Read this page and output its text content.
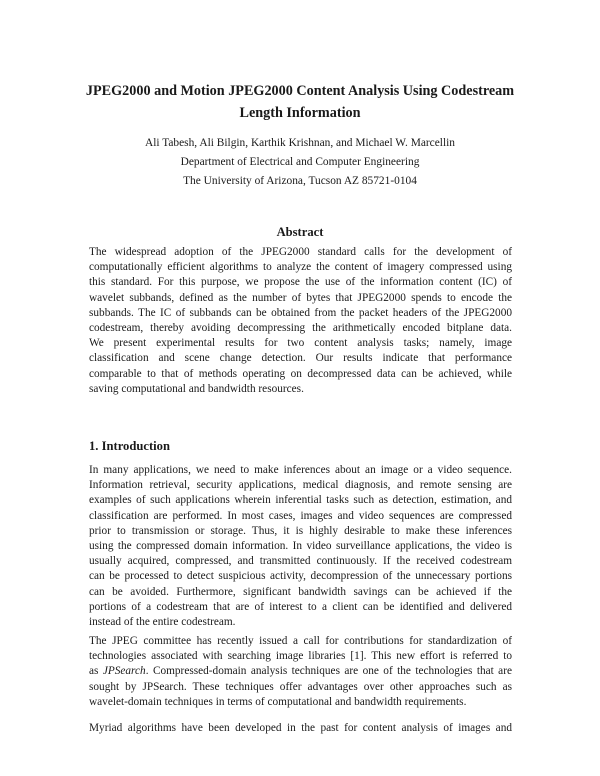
JPEG2000 and Motion JPEG2000 Content Analysis Using Codestream
Length Information
Ali Tabesh, Ali Bilgin, Karthik Krishnan, and Michael W. Marcellin
Department of Electrical and Computer Engineering
The University of Arizona, Tucson AZ 85721-0104
Abstract
The widespread adoption of the JPEG2000 standard calls for the development of
computationally efficient algorithms to analyze the content of imagery compressed using
this standard. For this purpose, we propose the use of the information content (IC) of
wavelet subbands, defined as the number of bytes that JPEG2000 spends to encode the
subbands. The IC of subbands can be obtained from the packet headers of the JPEG2000
codestream, thereby avoiding decompressing the arithmetically encoded bitplane data.
We present experimental results for two content analysis tasks; namely, image
classification and scene change detection. Our results indicate that performance
comparable to that of methods operating on decompressed data can be achieved, while
saving computational and bandwidth resources.
1. Introduction
In many applications, we need to make inferences about an image or a video sequence.
Information retrieval, security applications, medical diagnosis, and remote sensing are
examples of such applications wherein inferential tasks such as detection, estimation, and
classification are performed. In most cases, images and video sequences are compressed
prior to transmission or storage. Thus, it is highly desirable to make these inferences
using the compressed domain information. In video surveillance applications, the video is
usually acquired, compressed, and transmitted continuously. If the received codestream
can be processed to detect suspicious activity, decompression of the unnecessary portions
can be avoided. Furthermore, significant bandwidth savings can be achieved if the
portions of a codestream that are of interest to a client can be identified and delivered
instead of the entire codestream.
The JPEG committee has recently issued a call for contributions for standardization of
technologies associated with searching image libraries [1]. This new effort is referred to
as JPSearch. Compressed-domain analysis techniques are one of the technologies that are
sought by JPSearch. These techniques offer advantages over other approaches such as
wavelet-domain techniques in terms of computational and bandwidth requirements.
Myriad algorithms have been developed in the past for content analysis of images and
